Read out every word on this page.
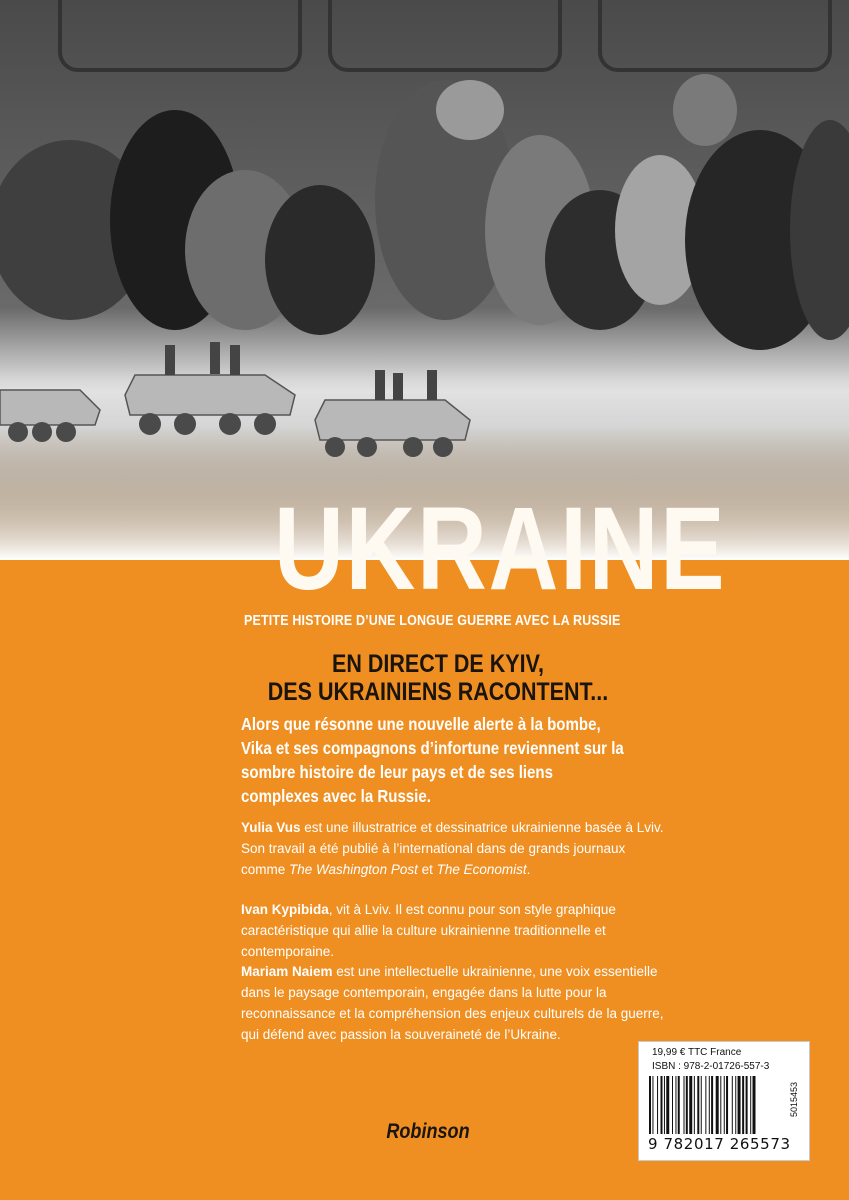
UKRAINE
PETITE HISTOIRE D’UNE LONGUE GUERRE AVEC LA RUSSIE
EN DIRECT DE KYIV,
DES UKRAINIENS RACONTENT...
Alors que résonne une nouvelle alerte à la bombe, Vika et ses compagnons d’infortune reviennent sur la sombre histoire de leur pays et de ses liens complexes avec la Russie.
Yulia Vus est une illustratrice et dessinatrice ukrainienne basée à Lviv. Son travail a été publié à l’international dans de grands journaux comme The Washington Post et The Economist.
Ivan Kypibida, vit à Lviv. Il est connu pour son style graphique caractéristique qui allie la culture ukrainienne traditionnelle et contemporaine.
Mariam Naiem est une intellectuelle ukrainienne, une voix essentielle dans le paysage contemporain, engagée dans la lutte pour la reconnaissance et la compréhension des enjeux culturels de la guerre, qui défend avec passion la souveraineté de l’Ukraine.
19,99 € TTC France
ISBN : 978-2-01726-557-3
9 782017 265573
5015453
Robinson
